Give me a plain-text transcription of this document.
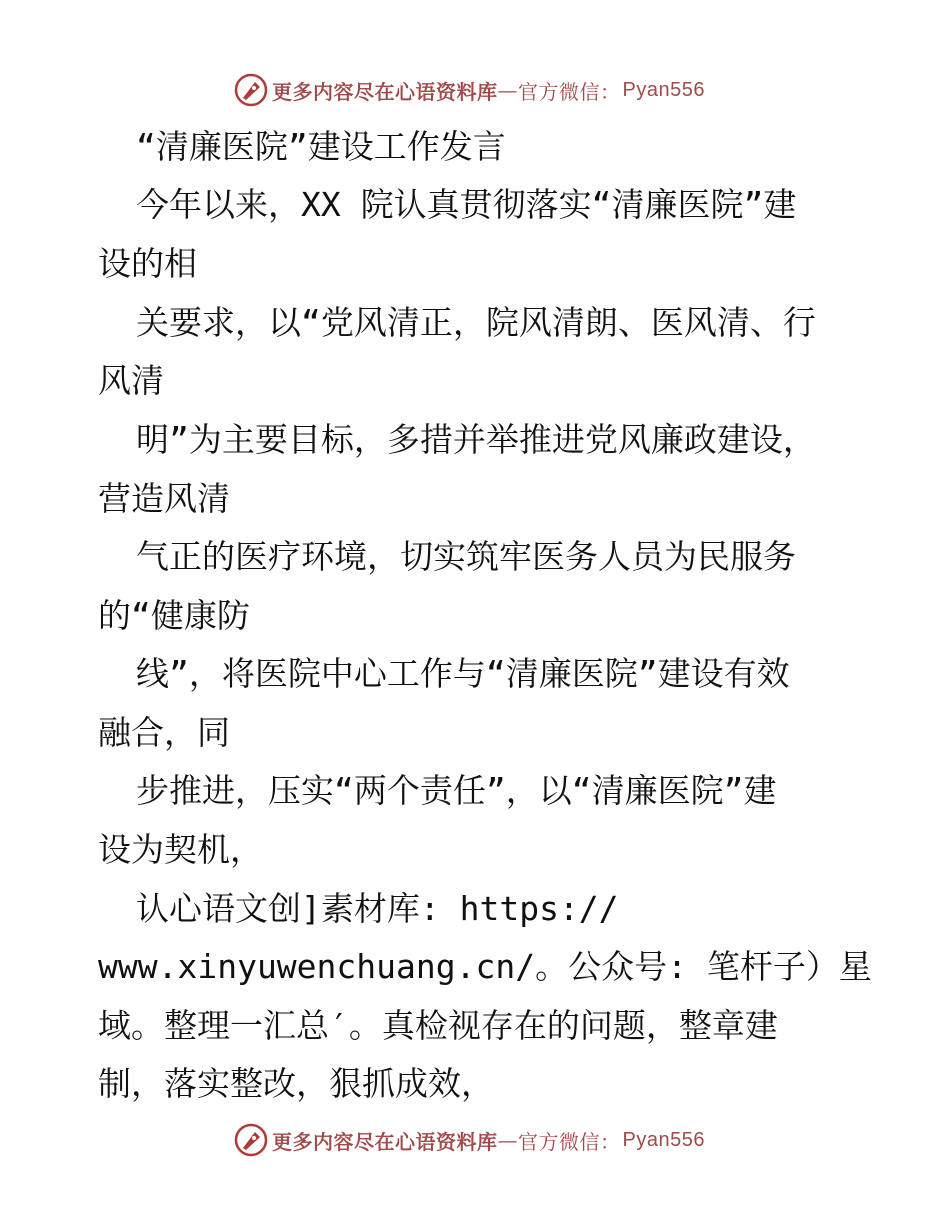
更多内容尽在心语资料库 — 官方微信： Pyan556
“清廉医院”建设工作发言
今年以来，XX 院认真贯彻落实“清廉医院”建
设的相
关要求，以“党风清正，院风清朗、医风清、行
风清
明”为主要目标，多措并举推进党风廉政建设，
营造风清
气正的医疗环境，切实筑牢医务人员为民服务
的“健康防
线”，将医院中心工作与“清廉医院”建设有效
融合，同
步推进，压实“两个责任”，以“清廉医院”建
设为契机，
认心语文创]素材库: https://
www.xinyuwenchuang.cn/。公众号: 笔杆子）星
域。整理一汇总′。真检视存在的问题，整章建
制，落实整改，狠抓成效，
更多内容尽在心语资料库 — 官方微信： Pyan556
